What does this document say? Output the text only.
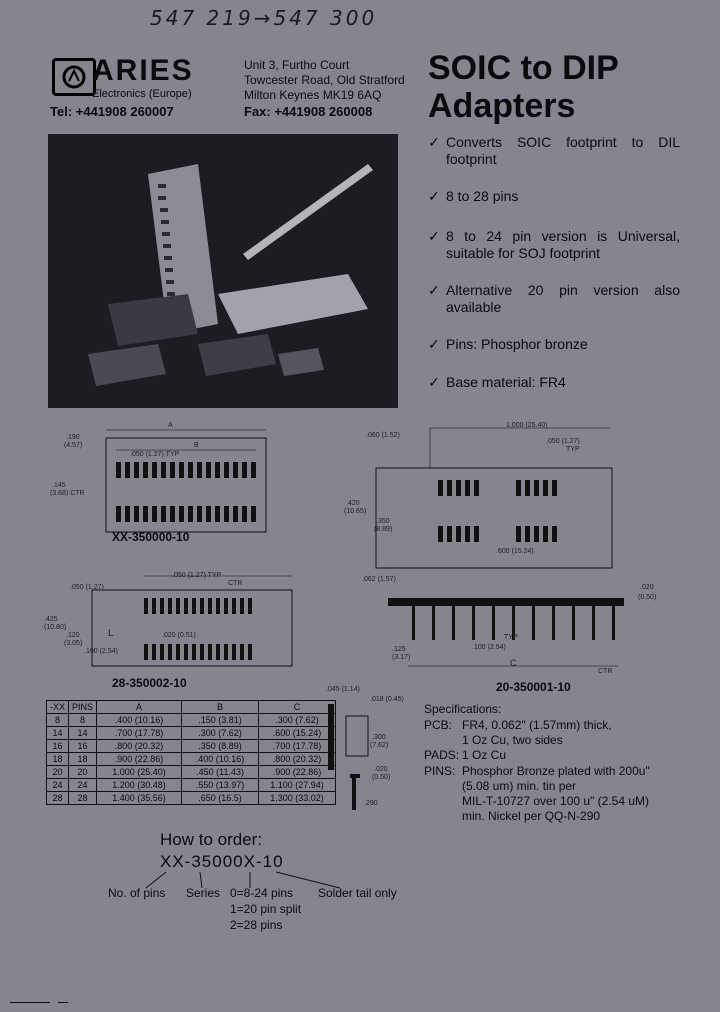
547 219→547 300
ARIES
Electronics (Europe)
Unit 3, Furtho Court
Towcester Road, Old Stratford
Milton Keynes MK19 6AQ
Tel: +441908 260007	Fax: +441908 260008
SOIC to DIP
Adapters
✓ Converts SOIC footprint to DIL footprint
✓ 8 to 28 pins
✓ 8 to 24 pin version is Universal, suitable for SOJ footprint
✓ Alternative 20 pin version also available
✓ Pins: Phosphor bronze
✓ Base material: FR4
.190
(4.57)
A
B
.050 (1.27) TYP
.145
(3.68) CTR
XX-350000-10
.060 (1.52)
1.000 (25.40)
.050 (1.27)
TYP
.420
(10.65)
.350
(8.89)
.600 (15.24)
.050 (1.27)
.050 (1.27) TYP
CTR
.425
(10.80)
.120
(3.05)
L	.020 (0.51)
.100 (2.54)
28-350002-10
.062 (1.57)
.020
(0.50)
.125
(3.17)
.100 (2.54)
TYP
C
CTR
20-350001-10
-XX	PINS	A	B	C
8	8	.400 (10.16)	.150 (3.81)	.300 (7.62)
14	14	.700 (17.78)	.300 (7.62)	.600 (15.24)
16	16	.800 (20.32)	.350 (8.89)	.700 (17.78)
18	18	.900 (22.86)	.400 (10.16)	.800 (20.32)
20	20	1.000 (25.40)	.450 (11.43)	.900 (22.86)
24	24	1.200 (30.48)	.550 (13.97)	1.100 (27.94)
28	28	1.400 (35.56)	.650 (16.5)	1.300 (33.02)
.045 (1.14)
.018 (0.45)
.300
(7.62)
.020
(0.50)
.290
Specifications:
PCB: FR4, 0.062" (1.57mm) thick,
1 Oz Cu, two sides
PADS: 1 Oz Cu
PINS: Phosphor Bronze plated with 200u"
(5.08 um) min. tin per
MIL-T-10727 over 100 u" (2.54 uM)
min. Nickel per QQ-N-290
How to order:
XX-35000X-10
No. of pins Series 0=8-24 pins
1=20 pin split
2=28 pins
Solder tail only
